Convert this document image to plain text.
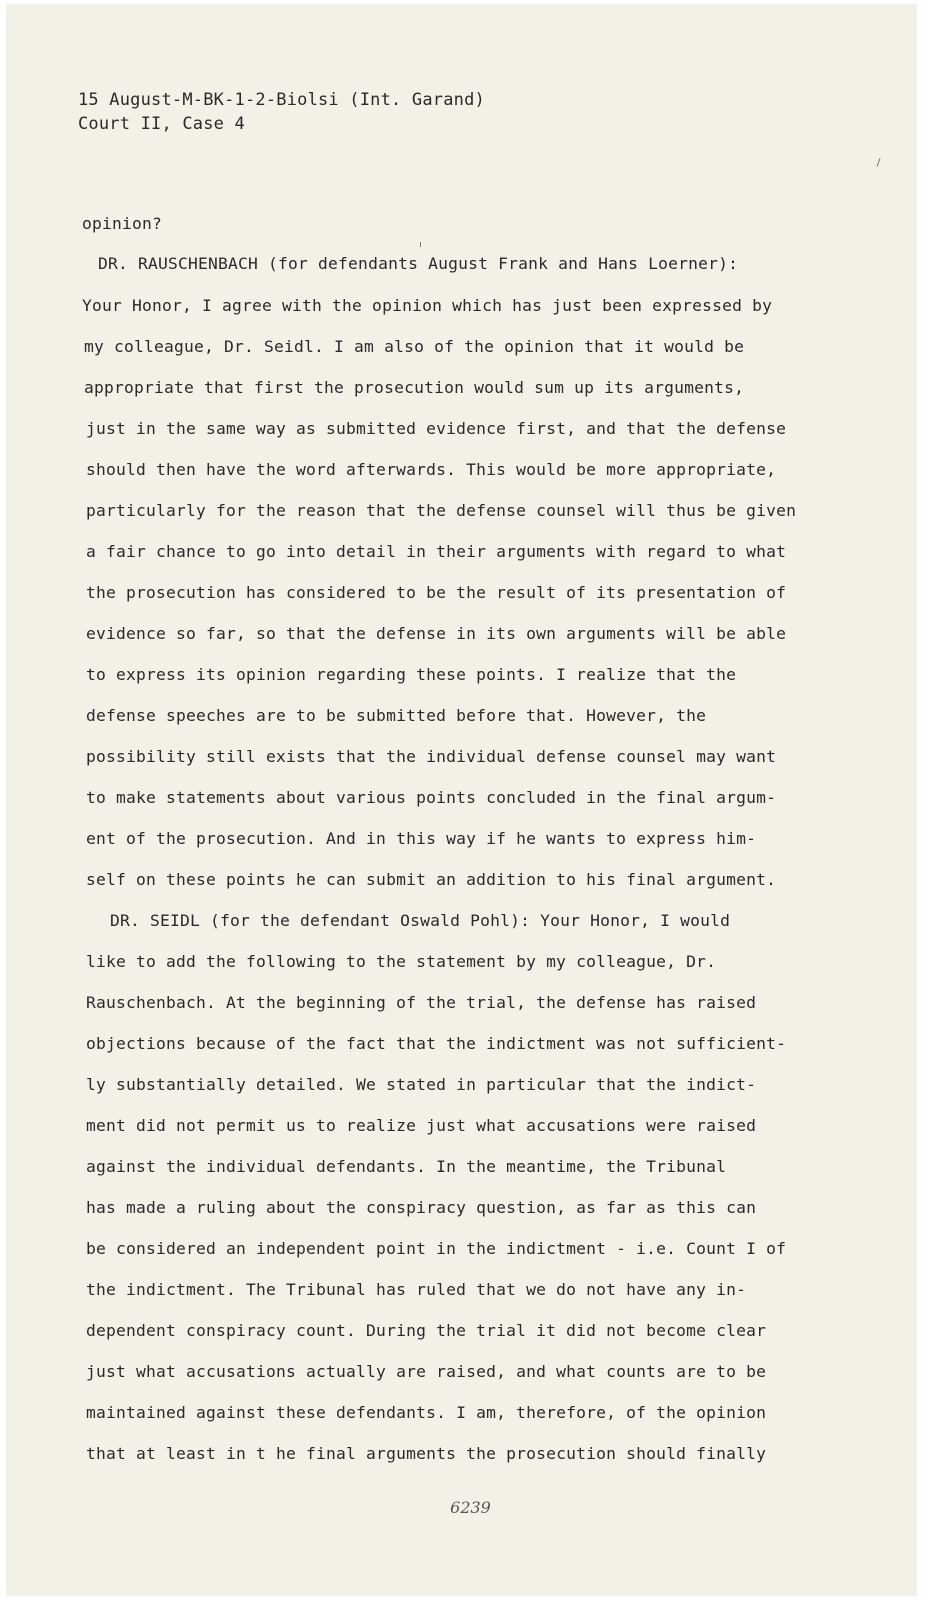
15 August-M-BK-1-2-Biolsi (Int. Garand)
Court II, Case 4
opinion?
DR. RAUSCHENBACH (for defendants August Frank and Hans Loerner):
Your Honor, I agree with the opinion which has just been expressed by
my colleague, Dr. Seidl. I am also of the opinion that it would be
appropriate that first the prosecution would sum up its arguments,
just in the same way as submitted evidence first, and that the defense
should then have the word afterwards. This would be more appropriate,
particularly for the reason that the defense counsel will thus be given
a fair chance to go into detail in their arguments with regard to what
the prosecution has considered to be the result of its presentation of
evidence so far, so that the defense in its own arguments will be able
to express its opinion regarding these points. I realize that the
defense speeches are to be submitted before that. However, the
possibility still exists that the individual defense counsel may want
to make statements about various points concluded in the final argum-
ent of the prosecution. And in this way if he wants to express him-
self on these points he can submit an addition to his final argument.
DR. SEIDL (for the defendant Oswald Pohl): Your Honor, I would
like to add the following to the statement by my colleague, Dr.
Rauschenbach. At the beginning of the trial, the defense has raised
objections because of the fact that the indictment was not sufficient-
ly substantially detailed. We stated in particular that the indict-
ment did not permit us to realize just what accusations were raised
against the individual defendants. In the meantime, the Tribunal
has made a ruling about the conspiracy question, as far as this can
be considered an independent point in the indictment - i.e. Count I of
the indictment. The Tribunal has ruled that we do not have any in-
dependent conspiracy count. During the trial it did not become clear
just what accusations actually are raised, and what counts are to be
maintained against these defendants. I am, therefore, of the opinion
that at least in t he final arguments the prosecution should finally
6239
